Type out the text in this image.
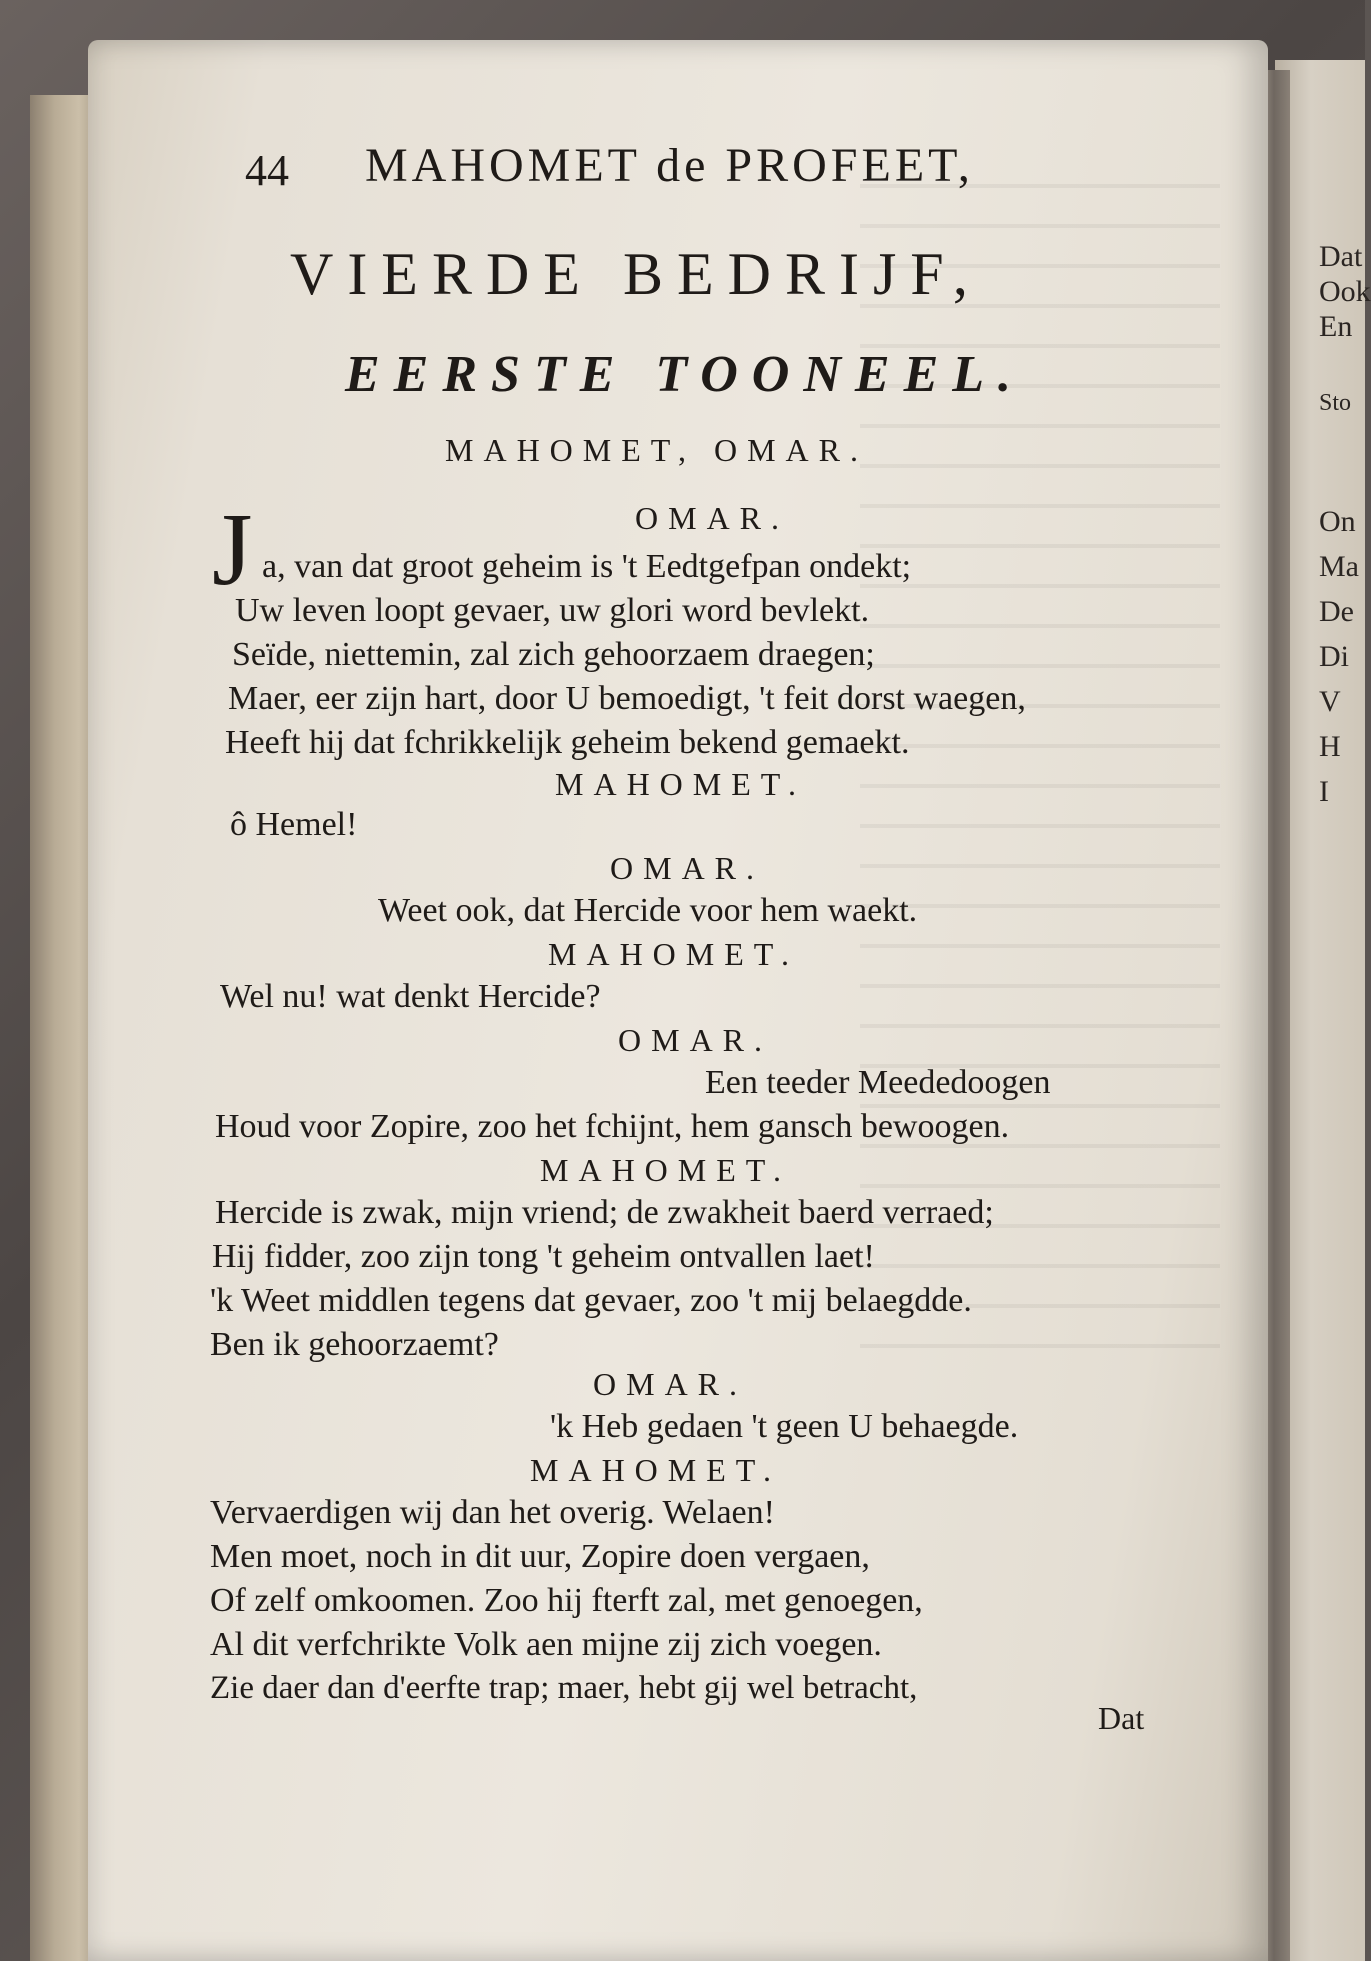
Dat
Ook
En
Sto
On
Ma
De
Di
V
H
I
44 MAHOMET de PROFEET,
VIERDE BEDRIJF,
EERSTE TOONEEL.
MAHOMET, OMAR.
OMAR.
J a, van dat groot geheim is 't Eedtgefpan ondekt;
Uw leven loopt gevaer, uw glori word bevlekt.
Seïde, niettemin, zal zich gehoorzaem draegen;
Maer, eer zijn hart, door U bemoedigt, 't feit dorst waegen,
Heeft hij dat fchrikkelijk geheim bekend gemaekt.
MAHOMET.
ô Hemel!
OMAR.
Weet ook, dat Hercide voor hem waekt.
MAHOMET.
Wel nu! wat denkt Hercide?
OMAR.
Een teeder Meededoogen
Houd voor Zopire, zoo het fchijnt, hem gansch bewoogen.
MAHOMET.
Hercide is zwak, mijn vriend; de zwakheit baerd verraed;
Hij fidder, zoo zijn tong 't geheim ontvallen laet!
'k Weet middlen tegens dat gevaer, zoo 't mij belaegdde.
Ben ik gehoorzaemt?
OMAR.
'k Heb gedaen 't geen U behaegde.
MAHOMET.
Vervaerdigen wij dan het overig. Welaen!
Men moet, noch in dit uur, Zopire doen vergaen,
Of zelf omkoomen. Zoo hij fterft zal, met genoegen,
Al dit verfchrikte Volk aen mijne zij zich voegen.
Zie daer dan d'eerfte trap; maer, hebt gij wel betracht,
Dat
